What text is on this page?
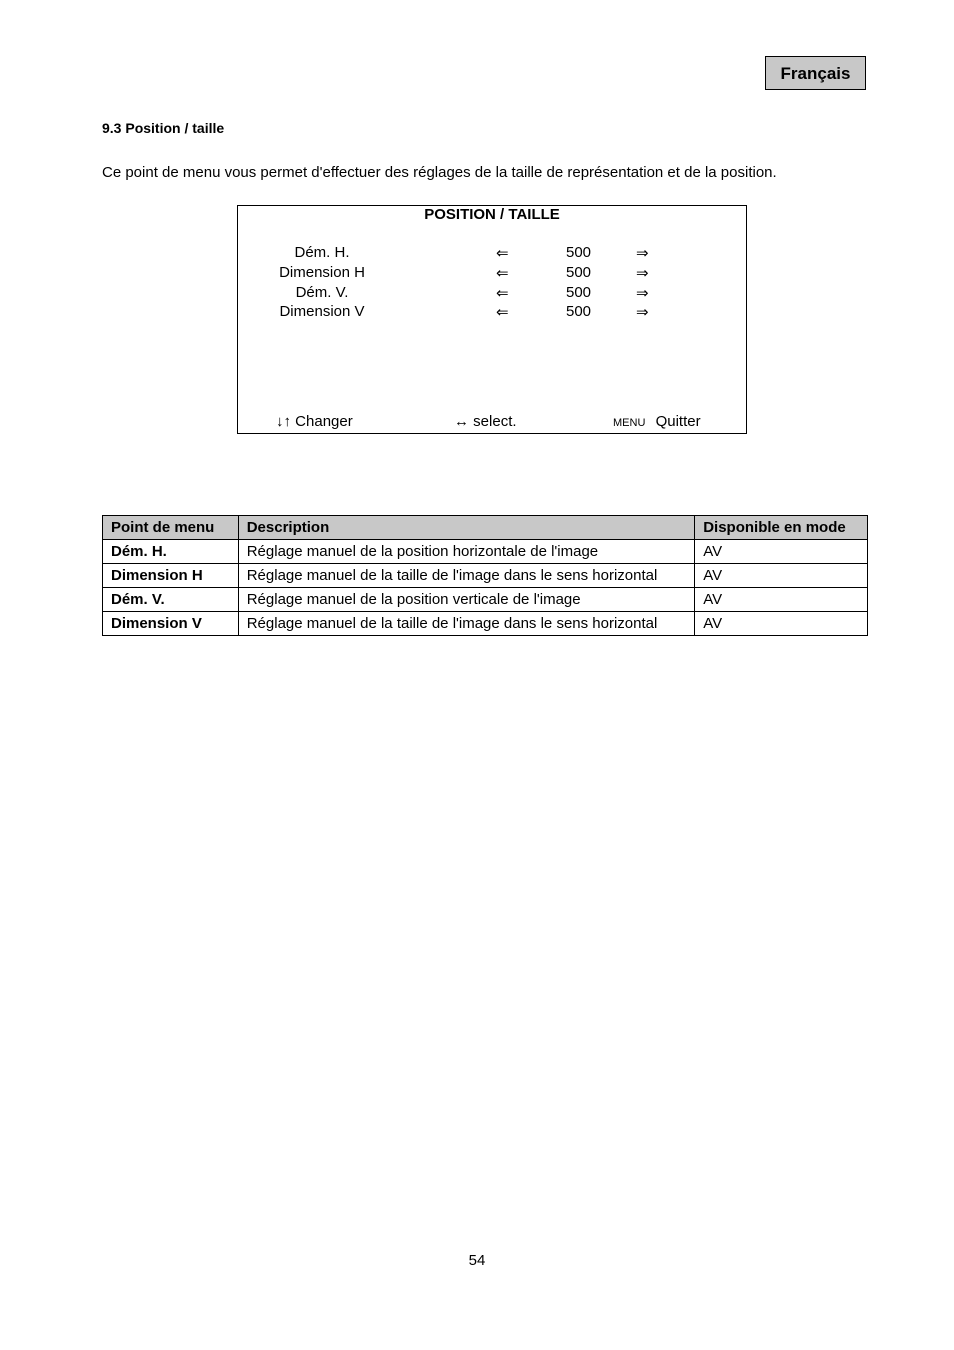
Français
9.3 Position / taille
Ce point de menu vous permet d'effectuer des réglages de la taille de représentation et de la position.
POSITION / TAILLE
Dém. H.	⇐	500	⇒
Dimension H	⇐	500	⇒
Dém. V.	⇐	500	⇒
Dimension V	⇐	500	⇒
↓↑ Changer	↔ select.	MENU Quitter
Point de menu	Description	Disponible en mode
Dém. H.	Réglage manuel de la position horizontale de l'image	AV
Dimension H	Réglage manuel de la taille de l'image dans le sens horizontal	AV
Dém. V.	Réglage manuel de la position verticale de l'image	AV
Dimension V	Réglage manuel de la taille de l'image dans le sens horizontal	AV
54
